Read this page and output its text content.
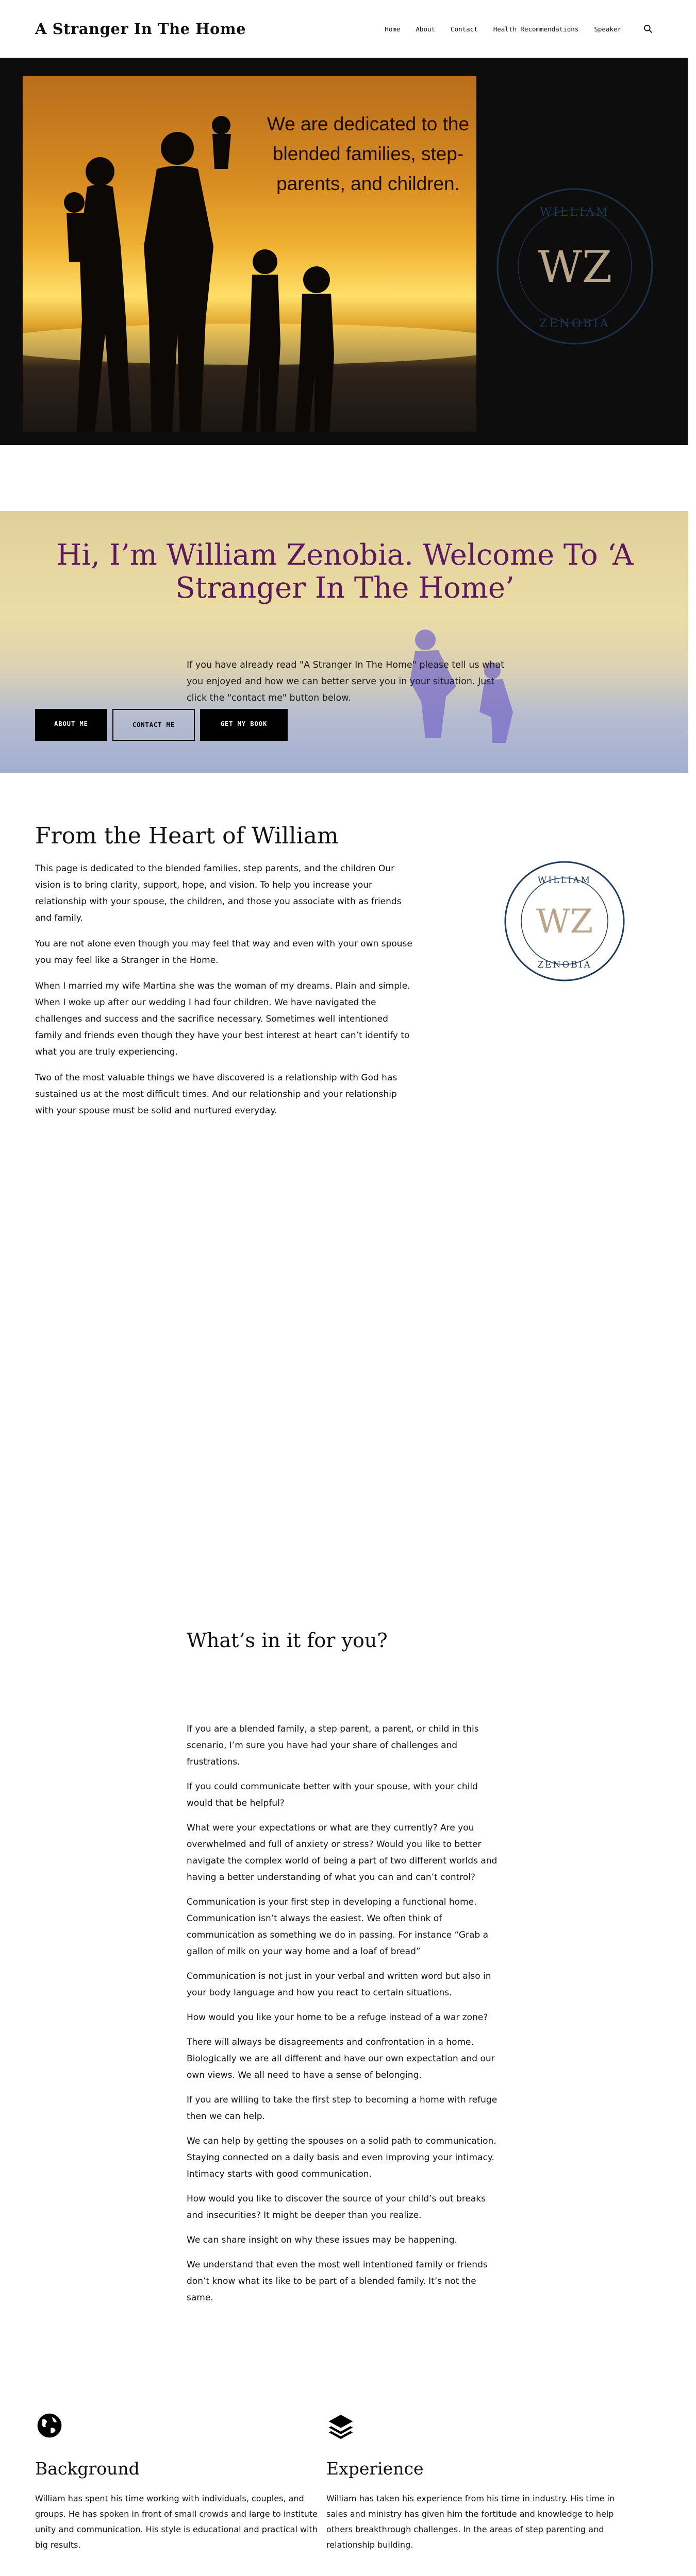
A Stranger In The Home	Home About Contact Health Recommendations Speaker
We are dedicated to the blended families, step-parents, and children.
WILLIAM
ZENOBIA
WZ
Hi, I’m William Zenobia. Welcome To ‘A Stranger In The Home’

If you have already read "A Stranger In The Home" please tell us what you enjoyed and how we can better serve you in your situation. Just click the "contact me" button below.

ABOUT ME	CONTACT ME	GET MY BOOK
From the Heart of William

This page is dedicated to the blended families, step parents, and the children Our vision is to bring clarity, support, hope, and vision. To help you increase your relationship with your spouse, the children, and those you associate with as friends and family.

You are not alone even though you may feel that way and even with your own spouse you may feel like a Stranger in the Home.

When I married my wife Martina she was the woman of my dreams. Plain and simple. When I woke up after our wedding I had four children. We have navigated the challenges and success and the sacrifice necessary. Sometimes well intentioned family and friends even though they have your best interest at heart can’t identify to what you are truly experiencing.

Two of the most valuable things we have discovered is a relationship with God has sustained us at the most difficult times. And our relationship and your relationship with your spouse must be solid and nurtured everyday.

WILLIAM
ZENOBIA
WZ
What’s in it for you?

If you are a blended family, a step parent, a parent, or child in this scenario, I’m sure you have had your share of challenges and frustrations.

If you could communicate better with your spouse, with your child would that be helpful?

What were your expectations or what are they currently? Are you overwhelmed and full of anxiety or stress? Would you like to better navigate the complex world of being a part of two different worlds and having a better understanding of what you can and can’t control?

Communication is your first step in developing a functional home. Communication isn’t always the easiest. We often think of communication as something we do in passing. For instance “Grab a gallon of milk on your way home and a loaf of bread”

Communication is not just in your verbal and written word but also in your body language and how you react to certain situations.

How would you like your home to be a refuge instead of a war zone?

There will always be disagreements and confrontation in a home. Biologically we are all different and have our own expectation and our own views. We all need to have a sense of belonging.

If you are willing to take the first step to becoming a home with refuge then we can help.

We can help by getting the spouses on a solid path to communication. Staying connected on a daily basis and even improving your intimacy. Intimacy starts with good communication.

How would you like to discover the source of your child’s out breaks and insecurities? It might be deeper than you realize.

We can share insight on why these issues may be happening.

We understand that even the most well intentioned family or friends don’t know what its like to be part of a blended family. It’s not the same.

Background

William has spent his time working with individuals, couples, and groups. He has spoken in front of small crowds and large to institute unity and communication. His style is educational and practical with big results.

Experience

William has taken his experience from his time in industry. His time in sales and ministry has given him the fortitude and knowledge to help others breakthrough challenges. In the areas of step parenting and relationship building.
